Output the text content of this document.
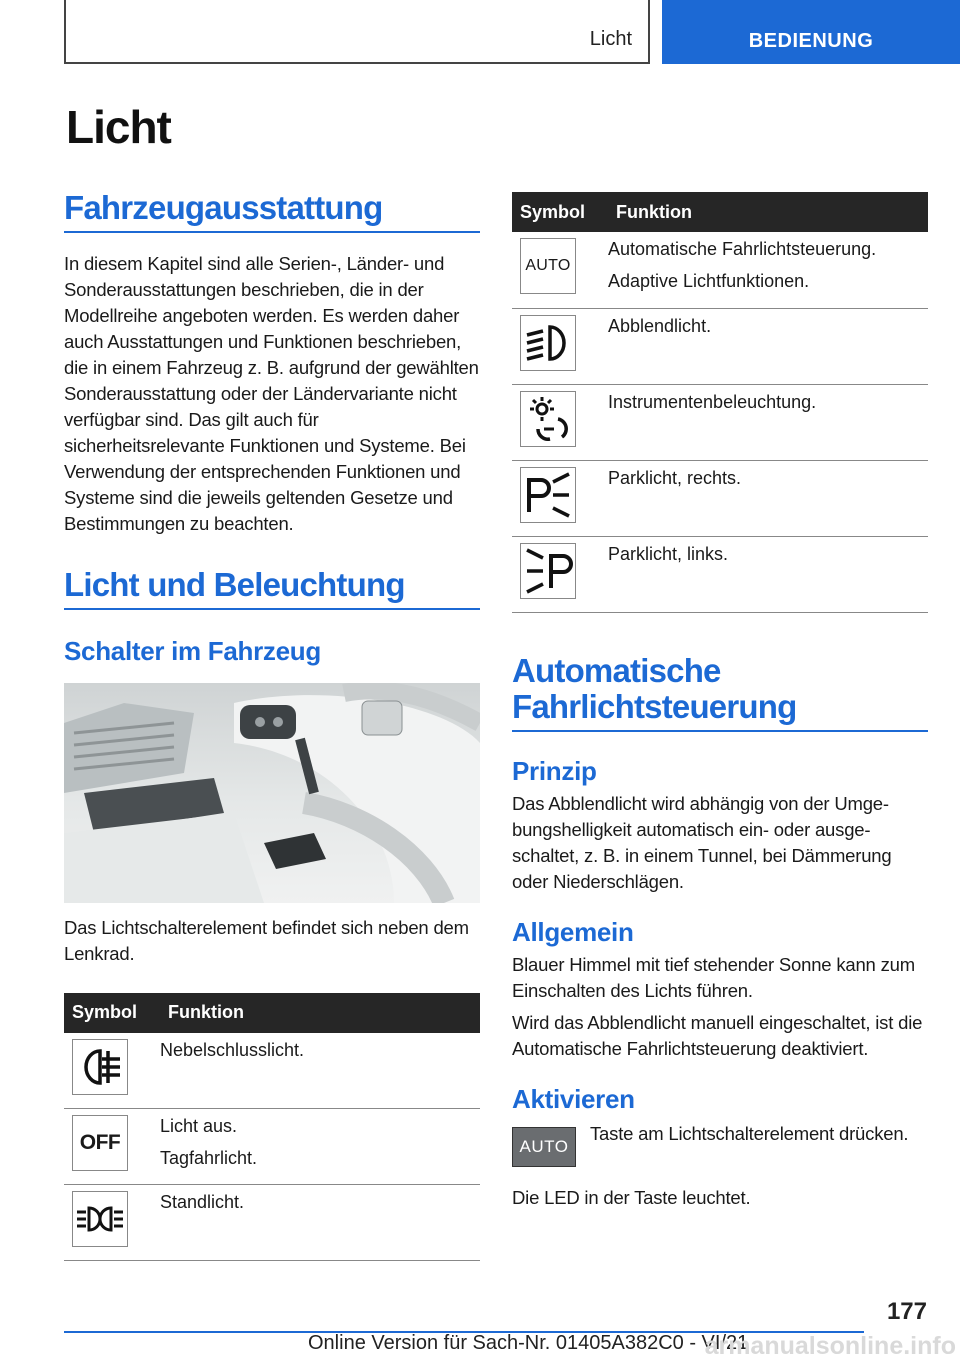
Licht	BEDIENUNG
Licht
Fahrzeugausstattung

In diesem Kapitel sind alle Serien-, Länder- und Sonderausstattungen beschrieben, die in der Modellreihe angeboten werden. Es werden daher auch Ausstattungen und Funktionen beschrieben, die in einem Fahrzeug z. B. aufgrund der gewählten Sonderausstattung oder der Ländervariante nicht verfügbar sind. Das gilt auch für sicherheitsrelevante Funktionen und Systeme. Bei Verwendung der entsprechenden Funktionen und Systeme sind die jeweils geltenden Gesetze und Bestimmungen zu beachten.

Licht und Beleuchtung
Schalter im Fahrzeug

Das Lichtschalterelement befindet sich neben dem Lenkrad.

Symbol	Funktion

Nebelschlusslicht.

OFF	Licht aus.
Tagfahrlicht.

Standlicht.
Symbol	Funktion

AUTO	Automatische Fahrlichtsteuerung.
Adaptive Lichtfunktionen.

Abblendlicht.

Instrumentenbeleuchtung.

Parklicht, rechts.

Parklicht, links.
Automatische
Fahrlichtsteuerung
Prinzip

Das Abblendlicht wird abhängig von der Umgebungshelligkeit automatisch ein- oder ausgeschaltet, z. B. in einem Tunnel, bei Dämmerung oder Niederschlägen.

Allgemein

Blauer Himmel mit tief stehender Sonne kann zum Einschalten des Lichts führen.

Wird das Abblendlicht manuell eingeschaltet, ist die Automatische Fahrlichtsteuerung deaktiviert.

Aktivieren
AUTO

Taste am Lichtschalterelement drücken.

Die LED in der Taste leuchtet.

177
Online Version für Sach-Nr. 01405A382C0 - VI/21
armanualsonline.info
